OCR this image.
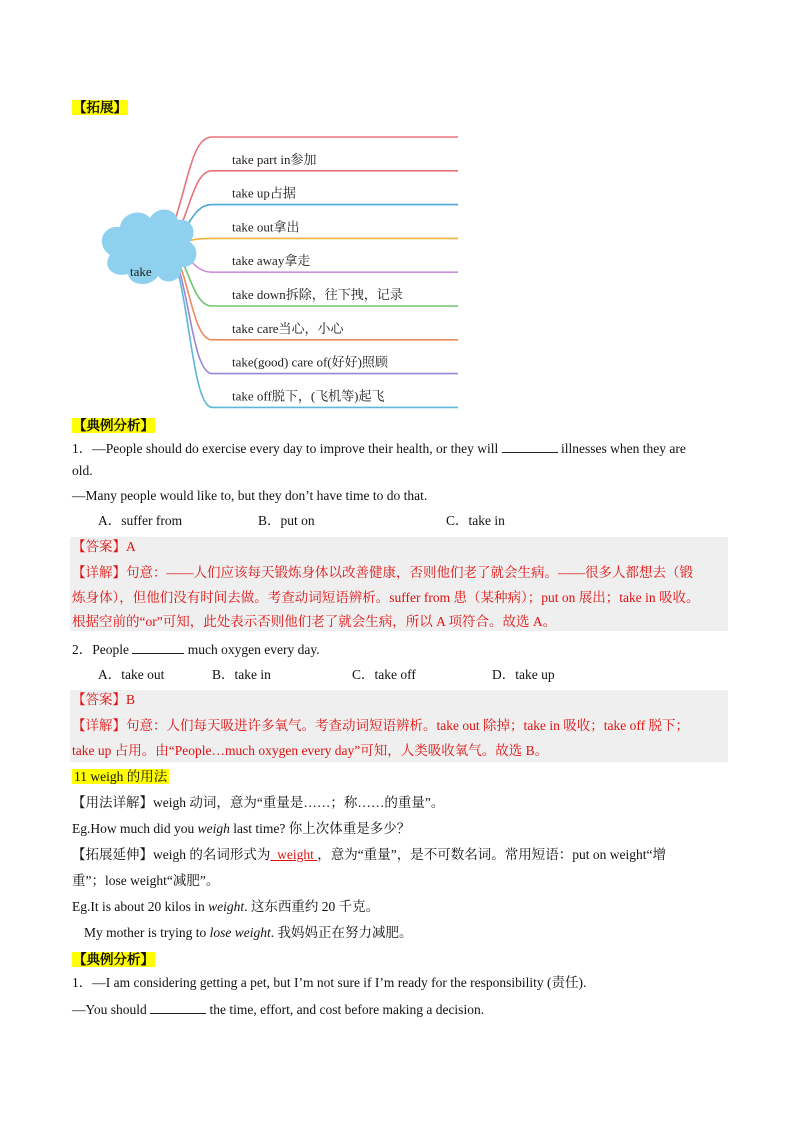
【拓展】
take
take part in参加
take up占据
take out拿出
take away拿走
take down拆除，往下拽，记录
take care当心，小心
take(good) care of(好好)照顾
take off脱下，(飞机等)起飞
【典例分析】
1．—People should do exercise every day to improve their health, or they will	illnesses when they are
old.
—Many people would like to, but they don’t have time to do that.
A．suffer from	B．put on	C．take in
【答案】A
【详解】句意：——人们应该每天锻炼身体以改善健康，否则他们老了就会生病。——很多人都想去（锻
炼身体），但他们没有时间去做。考查动词短语辨析。suffer from 患（某种病）；put on 展出；take in 吸收。
根据空前的“or”可知，此处表示否则他们老了就会生病，所以 A 项符合。故选 A。
2．People	much oxygen every day.
A．take out	B．take in	C．take off	D．take up
【答案】B
【详解】句意：人们每天吸进许多氧气。考查动词短语辨析。take out 除掉；take in 吸收；take off 脱下；
take up 占用。由“People…much oxygen every day”可知，人类吸收氧气。故选 B。
11 weigh 的用法
【用法详解】weigh 动词，意为“重量是……；称……的重量”。
Eg.How much did you weigh last time? 你上次体重是多少？
【拓展延伸】weigh 的名词形式为  weight ，意为“重量”，是不可数名词。常用短语：put on weight“增
重”；lose weight“减肥”。
Eg.It is about 20 kilos in weight. 这东西重约 20 千克。
My mother is trying to lose weight. 我妈妈正在努力减肥。
【典例分析】
1．—I am considering getting a pet, but I’m not sure if I’m ready for the responsibility (责任).
—You should	the time, effort, and cost before making a decision.
